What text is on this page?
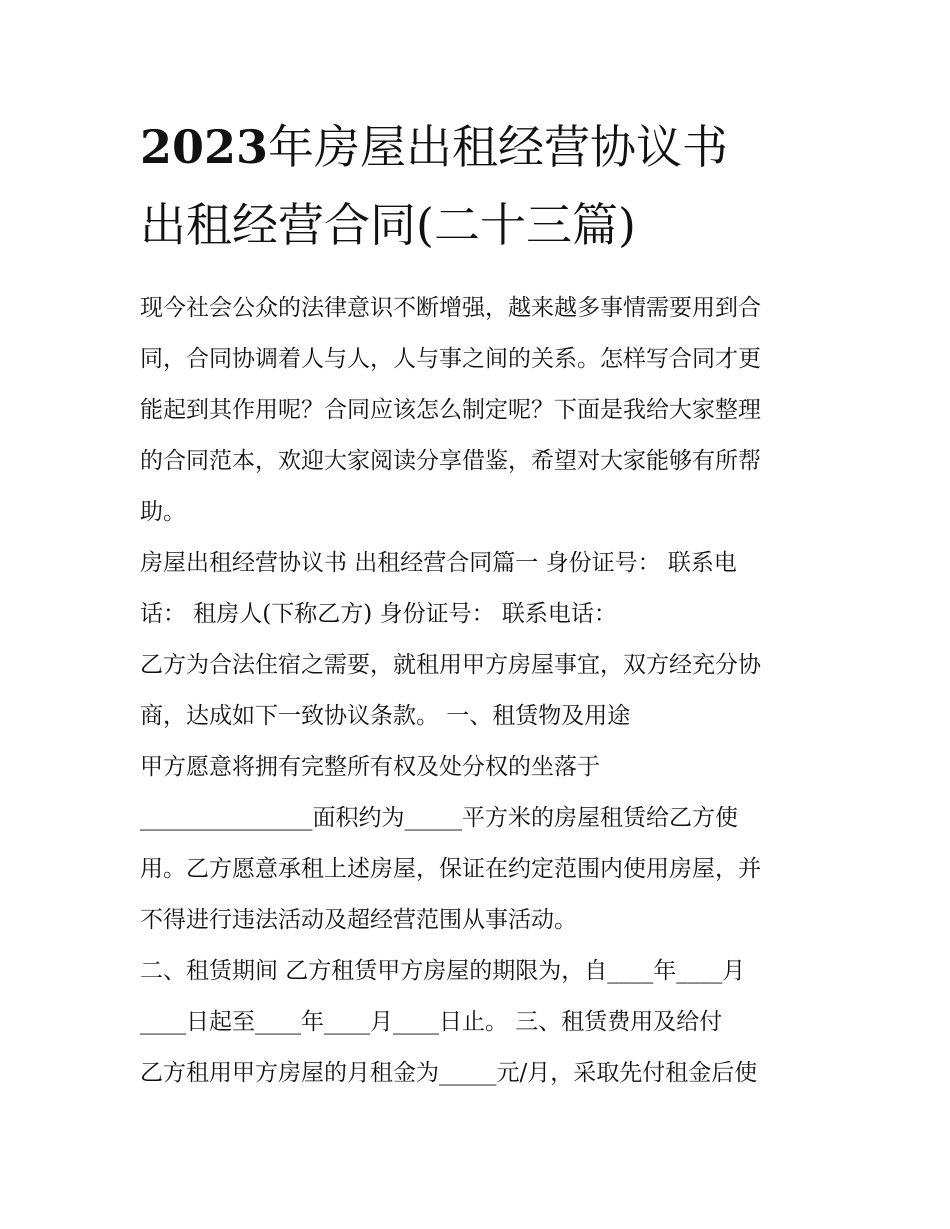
2023年房屋出租经营协议书
出租经营合同(二十三篇)
现今社会公众的法律意识不断增强，越来越多事情需要用到合
同，合同协调着人与人，人与事之间的关系。怎样写合同才更
能起到其作用呢？合同应该怎么制定呢？下面是我给大家整理
的合同范本，欢迎大家阅读分享借鉴，希望对大家能够有所帮
助。
房屋出租经营协议书 出租经营合同篇一 身份证号： 联系电
话： 租房人(下称乙方) 身份证号： 联系电话：
乙方为合法住宿之需要，就租用甲方房屋事宜，双方经充分协
商，达成如下一致协议条款。 一、租赁物及用途
甲方愿意将拥有完整所有权及处分权的坐落于
_______________面积约为_____平方米的房屋租赁给乙方使
用。乙方愿意承租上述房屋，保证在约定范围内使用房屋，并
不得进行违法活动及超经营范围从事活动。
二、租赁期间 乙方租赁甲方房屋的期限为，自____年____月
____日起至____年____月____日止。 三、租赁费用及给付
乙方租用甲方房屋的月租金为_____元/月，采取先付租金后使
